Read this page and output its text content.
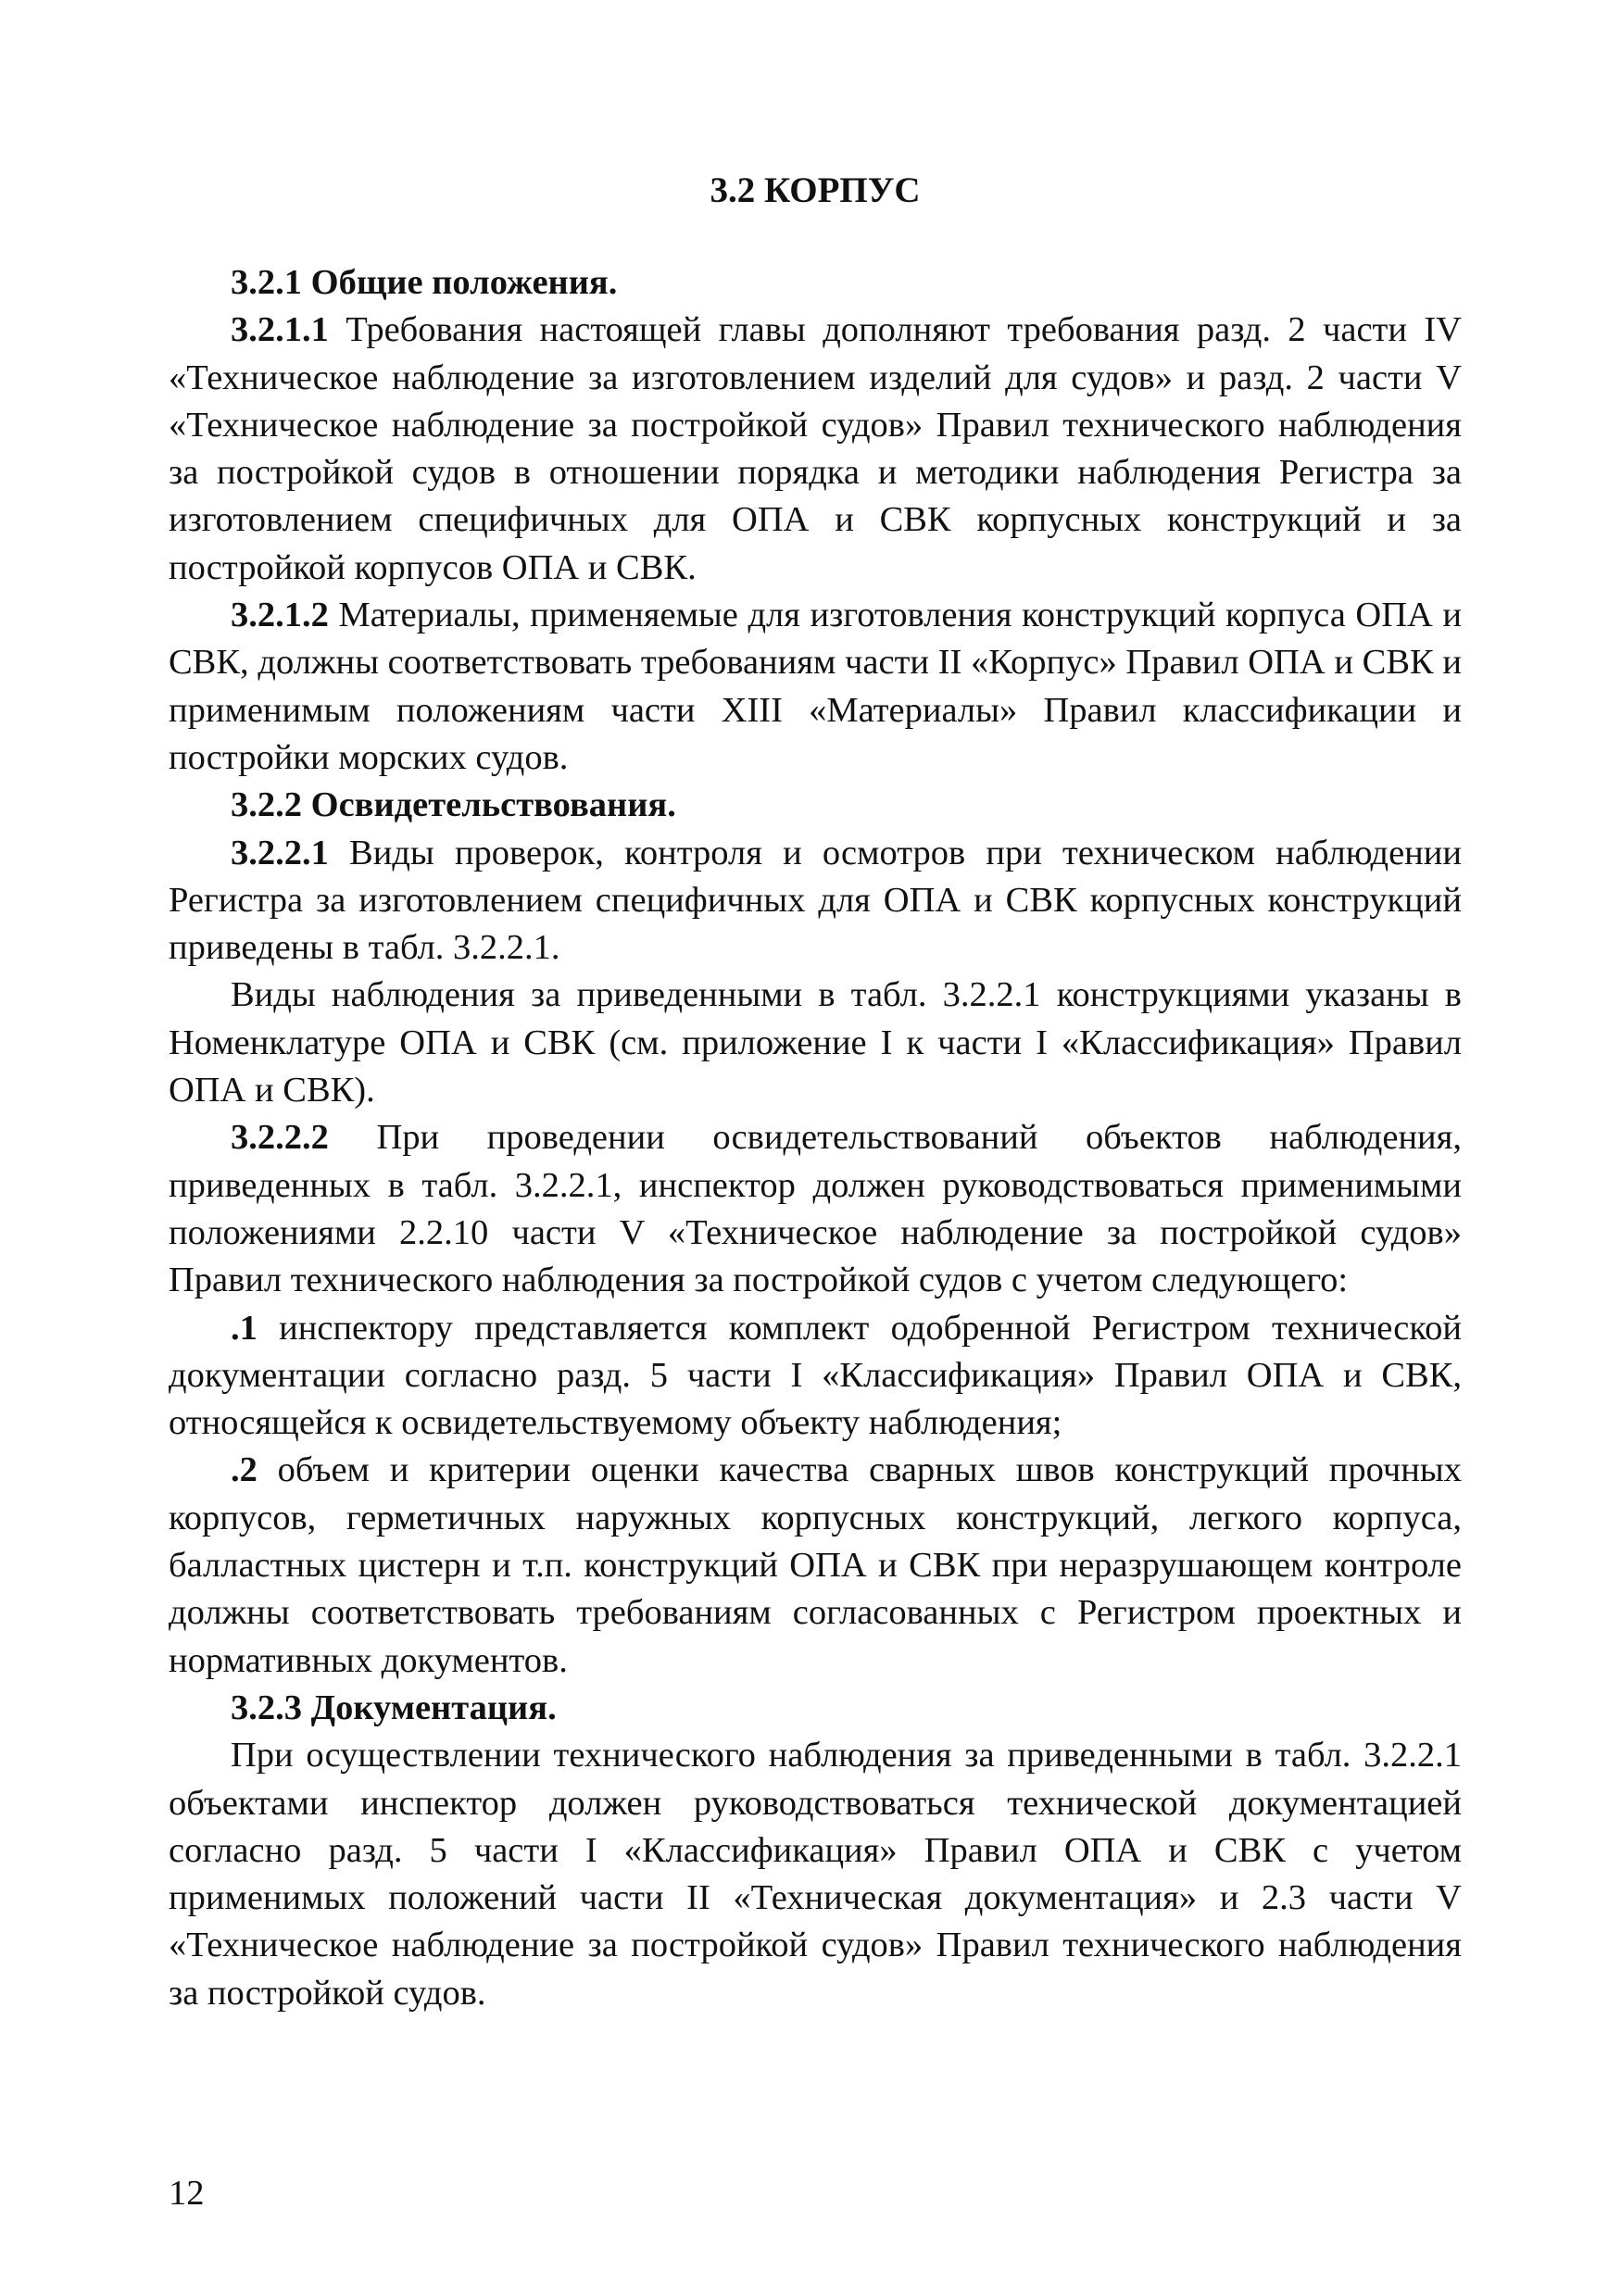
3.2 КОРПУС

3.2.1 Общие положения.

3.2.1.1 Требования настоящей главы дополняют требования разд. 2 части IV «Техническое наблюдение за изготовлением изделий для судов» и разд. 2 части V «Техническое наблюдение за постройкой судов» Правил технического наблюдения за постройкой судов в отношении порядка и методики наблюдения Регистра за изготовлением специфичных для ОПА и СВК корпусных конструкций и за постройкой корпусов ОПА и СВК.

3.2.1.2 Материалы, применяемые для изготовления конструкций корпуса ОПА и СВК, должны соответствовать требованиям части II «Корпус» Правил ОПА и СВК и применимым положениям части XIII «Материалы» Правил классификации и постройки морских судов.

3.2.2 Освидетельствования.

3.2.2.1 Виды проверок, контроля и осмотров при техническом наблюдении Регистра за изготовлением специфичных для ОПА и СВК корпусных конструкций приведены в табл. 3.2.2.1.

Виды наблюдения за приведенными в табл. 3.2.2.1 конструкциями указаны в Номенклатуре ОПА и СВК (см. приложение I к части I «Классификация» Правил ОПА и СВК).

3.2.2.2 При проведении освидетельствований объектов наблюдения, приведенных в табл. 3.2.2.1, инспектор должен руководствоваться применимыми положениями 2.2.10 части V «Техническое наблюдение за постройкой судов» Правил технического наблюдения за постройкой судов с учетом следующего:

.1 инспектору представляется комплект одобренной Регистром технической документации согласно разд. 5 части I «Классификация» Правил ОПА и СВК, относящейся к освидетельствуемому объекту наблюдения;

.2 объем и критерии оценки качества сварных швов конструкций прочных корпусов, герметичных наружных корпусных конструкций, легкого корпуса, балластных цистерн и т.п. конструкций ОПА и СВК при неразрушающем контроле должны соответствовать требованиям согласованных с Регистром проектных и нормативных документов.

3.2.3 Документация.

При осуществлении технического наблюдения за приведенными в табл. 3.2.2.1 объектами инспектор должен руководствоваться технической документацией согласно разд. 5 части I «Классификация» Правил ОПА и СВК с учетом применимых положений части II «Техническая документация» и 2.3 части V «Техническое наблюдение за постройкой судов» Правил технического наблюдения за постройкой судов.

12
